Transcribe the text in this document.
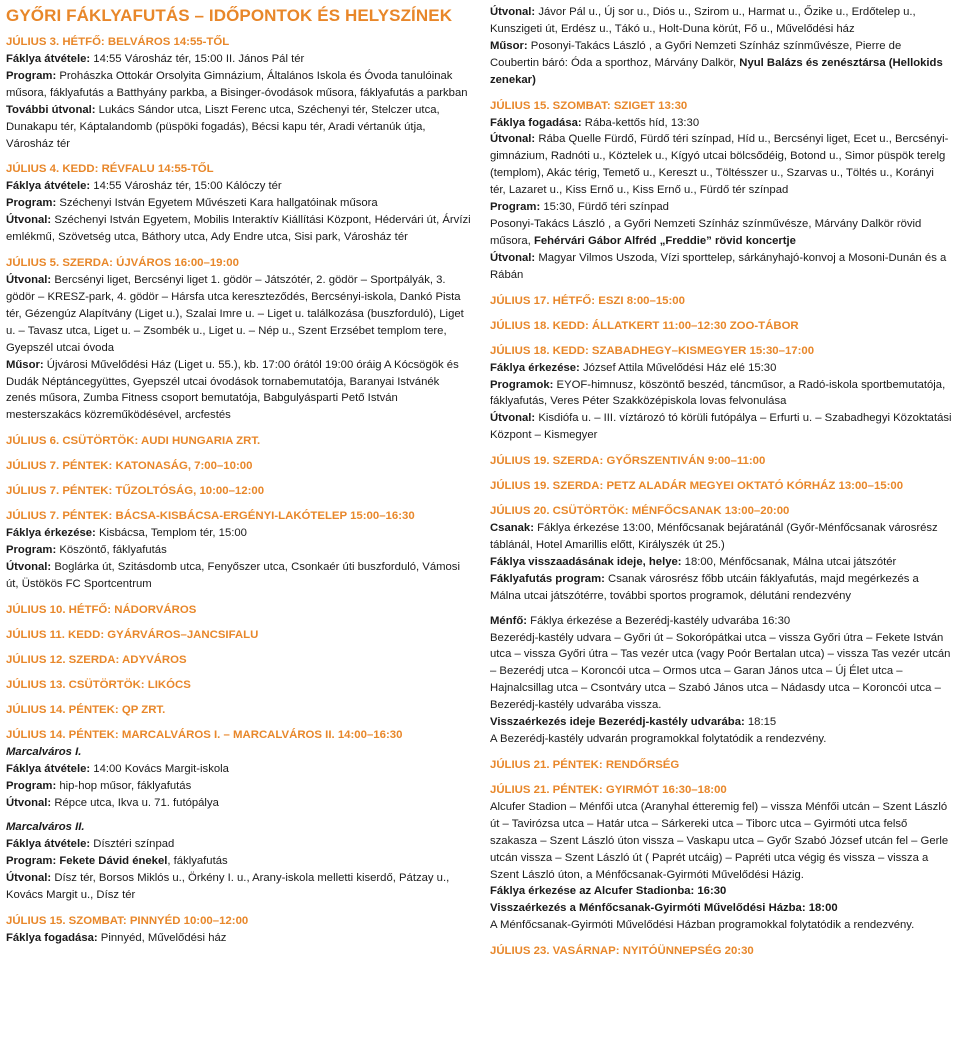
GYŐRI FÁKLYAFUTÁS – IDŐPONTOK ÉS HELYSZÍNEK

JÚLIUS 3. HÉTFŐ: BELVÁROS 14:55-TŐL

Fáklya átvétele: 14:55 Városház tér, 15:00 II. János Pál tér

Program: Prohászka Ottokár Orsolyita Gimnázium, Általános Iskola és Óvoda tanulóinak műsora, fáklyafutás a Batthyány parkba, a Bisinger-óvodások műsora, fáklyafutás a parkban

További útvonal: Lukács Sándor utca, Liszt Ferenc utca, Széchenyi tér, Stelczer utca, Dunakapu tér, Káptalandomb (püspöki fogadás), Bécsi kapu tér, Aradi vértanúk útja, Városház tér

JÚLIUS 4. KEDD: RÉVFALU 14:55-TŐL

Fáklya átvétele: 14:55 Városház tér, 15:00 Kálóczy tér

Program: Széchenyi István Egyetem Művészeti Kara hallgatóinak műsora

Útvonal: Széchenyi István Egyetem, Mobilis Interaktív Kiállítási Központ, Hédervári út, Árvízi emlékmű, Szövetség utca, Báthory utca, Ady Endre utca, Sisi park, Városház tér

JÚLIUS 5. SZERDA: ÚJVÁROS 16:00–19:00

Útvonal: Bercsényi liget, Bercsényi liget 1. gödör – Játszótér, 2. gödör – Sportpályák, 3. gödör – KRESZ-park, 4. gödör – Hársfa utca kereszteződés, Bercsényi-iskola, Dankó Pista tér, Gézengúz Alapítvány (Liget u.), Szalai Imre u. – Liget u. találkozása (buszforduló), Liget u. – Tavasz utca, Liget u. – Zsombék u., Liget u. – Nép u., Szent Erzsébet templom tere, Gyepszél utcai óvoda

Műsor: Újvárosi Művelődési Ház (Liget u. 55.), kb. 17:00 órától 19:00 óráig A Kócsögök és Dudák Néptáncegyüttes, Gyepszél utcai óvodások tornabemutatója, Baranyai Istvánék zenés műsora, Zumba Fitness csoport bemutatója, Babgulyásparti Pető István mesterszakács közreműködésével, arcfestés

JÚLIUS 6. CSÜTÖRTÖK: AUDI HUNGARIA ZRT.

JÚLIUS 7. PÉNTEK: KATONASÁG, 7:00–10:00

JÚLIUS 7. PÉNTEK: TŰZOLTÓSÁG, 10:00–12:00

JÚLIUS 7. PÉNTEK: BÁCSA-KISBÁCSA-ERGÉNYI-LAKÓTELEP 15:00–16:30

Fáklya érkezése: Kisbácsa, Templom tér, 15:00

Program: Köszöntő, fáklyafutás

Útvonal: Boglárka út, Szitásdomb utca, Fenyőszer utca, Csonkaér úti buszforduló, Vámosi út, Üstökös FC Sportcentrum

JÚLIUS 10. HÉTFŐ: NÁDORVÁROS

JÚLIUS 11. KEDD: GYÁRVÁROS–JANCSIFALU

JÚLIUS 12. SZERDA: ADYVÁROS

JÚLIUS 13. CSÜTÖRTÖK: LIKÓCS

JÚLIUS 14. PÉNTEK: QP ZRT.

JÚLIUS 14. PÉNTEK: MARCALVÁROS I. – MARCALVÁROS II. 14:00–16:30

Marcalváros I.

Fáklya átvétele: 14:00 Kovács Margit-iskola

Program: hip-hop műsor, fáklyafutás

Útvonal: Répce utca, Ikva u. 71. futópálya

Marcalváros II.

Fáklya átvétele: Dísztéri színpad

Program: Fekete Dávid énekel, fáklyafutás

Útvonal: Dísz tér, Borsos Miklós u., Örkény I. u., Arany-iskola melletti kiserdő, Pátzay u., Kovács Margit u., Dísz tér

JÚLIUS 15. SZOMBAT: PINNYÉD 10:00–12:00

Fáklya fogadása: Pinnyéd, Művelődési ház

Útvonal: Jávor Pál u., Új sor u., Diós u., Szirom u., Harmat u., Őzike u., Erdőtelep u., Kunszigeti út, Erdész u., Tákó u., Holt-Duna körút, Fő u., Művelődési ház

Műsor: Posonyi-Takács László , a Győri Nemzeti Színház színművésze, Pierre de Coubertin báró: Óda a sporthoz, Márvány Dalkör, Nyul Balázs és zenésztársa (Hellokids zenekar)

JÚLIUS 15. SZOMBAT: SZIGET 13:30

Fáklya fogadása: Rába-kettős híd, 13:30

Útvonal: Rába Quelle Fürdő, Fürdő téri színpad, Híd u., Bercsényi liget, Ecet u., Bercsényi-gimnázium, Radnóti u., Köztelek u., Kígyó utcai bölcsődéig, Botond u., Simor püspök terelg (templom), Akác térig, Temető u., Kereszt u., Töltésszer u., Szarvas u., Töltés u., Korányi tér, Lazaret u., Kiss Ernő u., Kiss Ernő u., Fürdő tér színpad

Program: 15:30, Fürdő téri színpad

Posonyi-Takács László , a Győri Nemzeti Színház színművésze, Márvány Dalkör rövid műsora, Fehérvári Gábor Alfréd „Freddie” rövid koncertje

Útvonal: Magyar Vilmos Uszoda, Vízi sporttelep, sárkányhajó-konvoj a Mosoni-Dunán és a Rábán

JÚLIUS 17. HÉTFŐ: ESZI 8:00–15:00

JÚLIUS 18. KEDD: ÁLLATKERT 11:00–12:30 ZOO-TÁBOR

JÚLIUS 18. KEDD: SZABADHEGY–KISMEGYER 15:30–17:00

Fáklya érkezése: József Attila Művelődési Ház elé 15:30

Programok: EYOF-himnusz, köszöntő beszéd, táncműsor, a Radó-iskola sportbemutatója, fáklyafutás, Veres Péter Szakközépiskola lovas felvonulása

Útvonal: Kisdiófa u. – III. víztározó tó körüli futópálya – Erfurti u. – Szabadhegyi Közoktatási Központ – Kismegyer

JÚLIUS 19. SZERDA: GYŐRSZENTIVÁN 9:00–11:00

JÚLIUS 19. SZERDA: PETZ ALADÁR MEGYEI OKTATÓ KÓRHÁZ 13:00–15:00

JÚLIUS 20. CSÜTÖRTÖK: MÉNFŐCSANAK 13:00–20:00

Csanak: Fáklya érkezése 13:00, Ménfőcsanak bejáratánál (Győr-Ménfőcsanak városrész táblánál, Hotel Amarillis előtt, Királyszék út 25.)

Fáklya visszaadásának ideje, helye: 18:00, Ménfőcsanak, Málna utcai játszótér

Fáklyafutás program: Csanak városrész főbb utcáin fáklyafutás, majd megérkezés a Málna utcai játszótérre, további sportos programok, délutáni rendezvény

Ménfő: Fáklya érkezése a Bezerédj-kastély udvarába 16:30

Bezerédj-kastély udvara – Győri út – Sokorópátkai utca – vissza Győri útra – Fekete István utca – vissza Győri útra – Tas vezér utca (vagy Poór Bertalan utca) – vissza Tas vezér utcán – Bezerédj utca – Koroncói utca – Ormos utca – Garan János utca – Új Élet utca – Hajnalcsillag utca – Csontváry utca – Szabó János utca – Nádasdy utca – Koroncói utca – Bezerédj-kastély udvarába vissza.

Visszaérkezés ideje Bezerédj-kastély udvarába: 18:15

A Bezerédj-kastély udvarán programokkal folytatódik a rendezvény.

JÚLIUS 21. PÉNTEK: RENDŐRSÉG

JÚLIUS 21. PÉNTEK: GYIRMÓT 16:30–18:00

Alcufer Stadion – Ménfői utca (Aranyhal étteremig fel) – vissza Ménfői utcán – Szent László út – Tavirózsa utca – Határ utca – Sárkereki utca – Tiborc utca – Gyirmóti utca felső szakasza – Szent László úton vissza – Vaskapu utca – Győr Szabó József utcán fel – Gerle utcán vissza – Szent László út ( Paprét utcáig) – Papréti utca végig és vissza – vissza a Szent László úton, a Ménfőcsanak-Gyirmóti Művelődési Házig.

Fáklya érkezése az Alcufer Stadionba: 16:30

Visszaérkezés a Ménfőcsanak-Gyirmóti Művelődési Házba: 18:00

A Ménfőcsanak-Gyirmóti Művelődési Házban programokkal folytatódik a rendezvény.

JÚLIUS 23. VASÁRNAP: NYITÓÜNNEPSÉG 20:30
